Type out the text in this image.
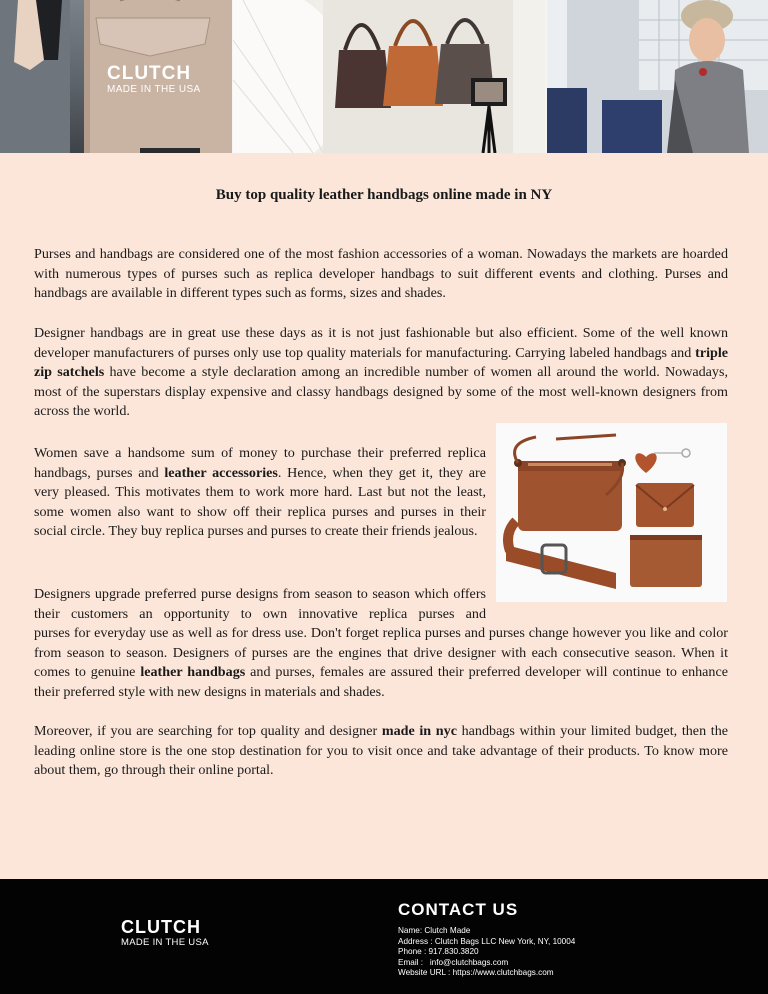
CLUTCH
MADE IN THE USA
Buy top quality leather handbags online made in NY

Purses and handbags are considered one of the most fashion accessories of a woman. Nowadays the markets are hoarded with numerous types of purses such as replica developer handbags to suit different events and clothing. Purses and handbags are available in different types such as forms, sizes and shades.

Designer handbags are in great use these days as it is not just fashionable but also efficient. Some of the well known developer manufacturers of purses only use top quality materials for manufacturing. Carrying labeled handbags and triple zip satchels have become a style declaration among an incredible number of women all around the world. Nowadays, most of the superstars display expensive and classy handbags designed by some of the most well-known designers from across the world.

Women save a handsome sum of money to purchase their preferred replica handbags, purses and leather accessories. Hence, when they get it, they are very pleased. This motivates them to work more hard. Last but not the least, some women also want to show off their replica purses and purses in their social circle. They buy replica purses and purses to create their friends jealous.

Designers upgrade preferred purse designs from season to season which offers their customers an opportunity to own innovative replica purses and

purses for everyday use as well as for dress use. Don't forget replica purses and purses change however you like and color from season to season. Designers of purses are the engines that drive designer with each consecutive season. When it comes to genuine leather handbags and purses, females are assured their preferred developer will continue to enhance their preferred style with new designs in materials and shades.

Moreover, if you are searching for top quality and designer made in nyc handbags within your limited budget, then the leading online store is the one stop destination for you to visit once and take advantage of their products. To know more about them, go through their online portal.

CLUTCH
MADE IN THE USA
CONTACT US
Name: Clutch Made
Address : Clutch Bags LLC New York, NY, 10004
Phone : 917.830.3820
Email :   info@clutchbags.com
Website URL : https://www.clutchbags.com
